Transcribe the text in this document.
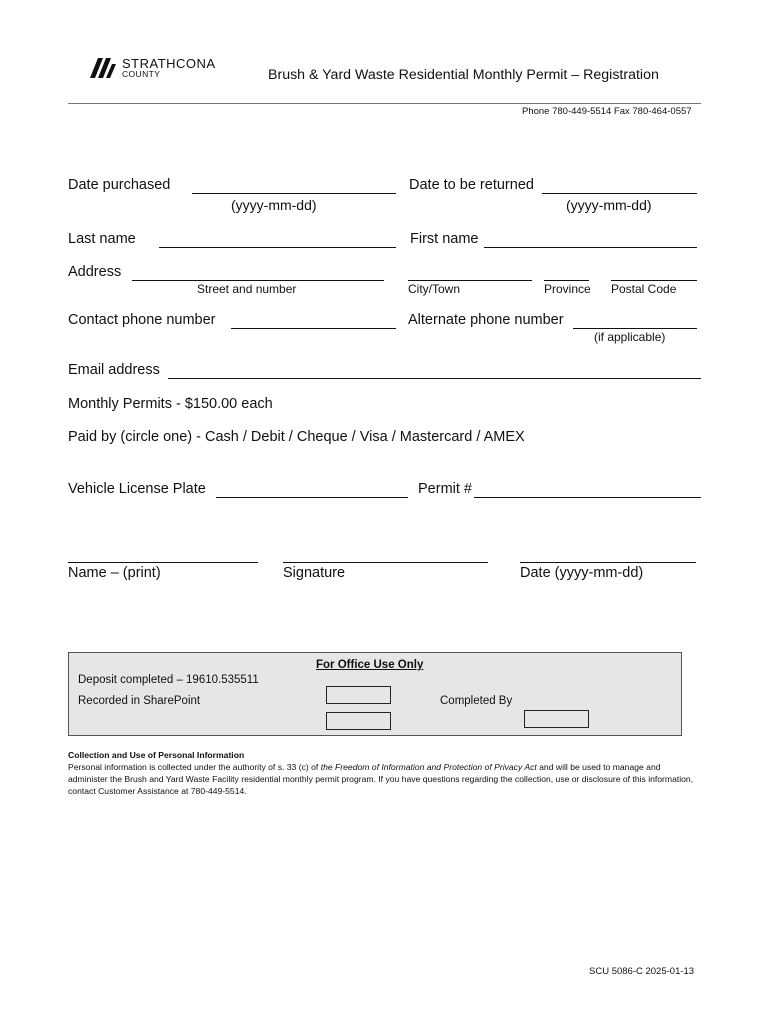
STRATHCONA
COUNTY	Brush & Yard Waste Residential Monthly Permit – Registration
Phone 780-449-5514 Fax 780-464-0557
Date purchased
(yyyy-mm-dd)
Date to be returned
(yyyy-mm-dd)
Last name	First name
Address
Street and number	City/Town	Province Postal Code
Contact phone number	Alternate phone number
(if applicable)
Email address
Monthly Permits - $150.00 each
Paid by (circle one) - Cash / Debit / Cheque / Visa / Mastercard / AMEX
Vehicle License Plate	Permit #
Name – (print)	Signature	Date (yyyy-mm-dd)
For Office Use Only
Deposit completed – 19610.535511
Recorded in SharePoint	Completed By
Collection and Use of Personal Information
Personal information is collected under the authority of s. 33 (c) of the Freedom of Information and Protection of Privacy Act and will be used to manage and administer the Brush and Yard Waste Facility residential monthly permit program. If you have questions regarding the collection, use or disclosure of this information, contact Customer Assistance at 780-449-5514.
SCU 5086-C 2025-01-13
